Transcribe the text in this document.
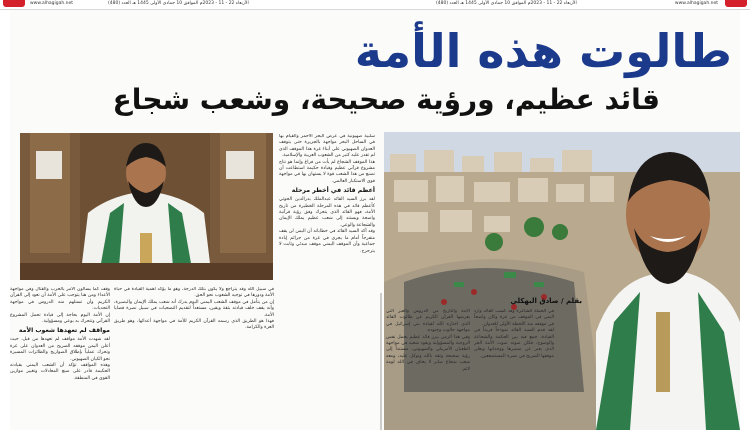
www.alhagigah.net	الأربعاء 22 - 11 - 2023م الموافق 10 جمادي الأولى 1445 هـ العدد (480)	الأربعاء 22 - 11 - 2023م الموافق 10 جمادي الأولى 1445 هـ العدد (480)	www.alhagigah.net
طالوت هذه الأمة
قائد عظيم، ورؤية صحيحة، وشعب شجاع
سلبية صهيونية في عرض البحر الأحمر والقيام بها في الساحل البحر مواجهة بالجزيرة حتى يتوقف العدوان الصهيوني على أبناء غزة هذا الموقف الذي لم تقدر عليه كثير من الشعوب العربية والإسلامية.
هذا الموقف الشجاع لم يأت من فراغ وإنما هو نتاج مشروع قرآني عظيم وقيادة حكيمة استطاعت أن تصنع من هذا الشعب قوة لا يستهان بها في مواجهة قوى الاستكبار العالمي.
أعظم قائد في أخطر مرحلة
لقد برز السيد القائد عبدالملك بدرالدين الحوثي كأعظم قائد في هذه المرحلة الخطيرة من تاريخ الأمة، فهو القائد الذي يتحرك وفق رؤية قرآنية واضحة ويستند إلى شعب عظيم يملك الإيمان والشجاعة والوعي.
وقد أكد السيد القائد في خطاباته أن اليمن لن يقف متفرجاً أمام ما يجري في غزة من جرائم إبادة جماعية وأن الموقف اليمني موقف مبدئي وثابت لا يتزحزح.
بقلم / صادق البهكلي
الأمة والتاريخ من الدروس والعبر التي يعرضها القرآن الكريم عن طالوت القائد الذي اختاره الله لقيادة بني إسرائيل في مواجهة جالوت وجنوده.
وفي هذا الزمن يبرز قائد عظيم يحمل نفس الروحية والمسؤولية ويقود شعبه في مواجهة الطغيان الأمريكي والصهيوني، مستنداً إلى رؤية صحيحة وثقة بالله وتوكل عليه، ومعه شعب شجاع صابر لا يخاف في الله لومة لائم.
في الحملة الشاعرة وقد كسب القائد وارد اليمن في الموقف من غزة وكان واضحاً في موقفه منذ اللحظة الأولى للعدوان.
لقد قدم السيد القائد نموذجاً فريداً في القيادة، جمع فيه بين الحكمة والشجاعة والوضوح، فكان صوته صوت الأمة الحر الذي يعبر عن ضميرها ووجدانها ويعلن موقفها الصريح في نصرة المستضعفين.
وقف كما يسألون الأمر بالحرب والقتال وفي مواجهة الأعداء ومن هنا يتوجب على الأمة أن تعود إلى القرآن الكريم وأن تستلهم منه الدروس في مواجهة التحديات.
إن الأمة اليوم بحاجة إلى قيادة تحمل المشروع القرآني وتتحرك به بوعي ومسؤولية.
مواقف لم تعهدها شعوب الأمة
لقد شهدت الأمة مواقف لم تعهدها من قبل، حيث أعلن اليمن موقفه الصريح من العدوان على غزة وتحرك عملياً بإطلاق الصواريخ والطائرات المسيرة نحو الكيان الصهيوني.
وهذه المواقف تؤكد أن الشعب اليمني بقيادته الحكيمة قادر على صنع المعادلات وتغيير موازين القوى في المنطقة.
في سبيل الله وقد يتراجع ولا يكون بتلك الدرجة، وهو ما يؤكد أهمية القيادة في حياة الأمة ودورها في توجيه الشعوب نحو الحق.
إن من يتأمل في موقف الشعب اليمني اليوم يدرك أنه شعب يملك الإيمان والبصيرة، وأنه يقف خلف قيادته بثقة ويقين، مستعداً لتقديم التضحيات في سبيل نصرة قضايا الأمة.
فهذا هو الطريق الذي رسمه القرآن الكريم للأمة في مواجهة أعدائها، وهو طريق العزة والكرامة.
